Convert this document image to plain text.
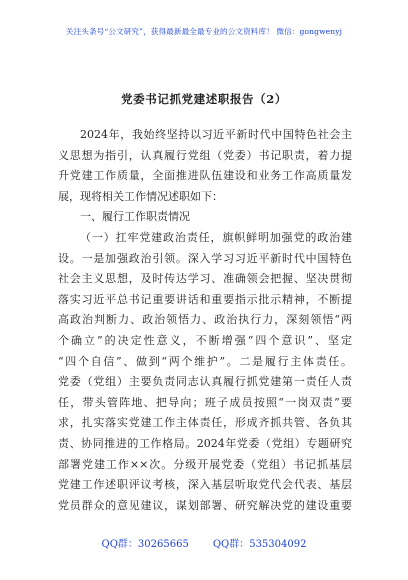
关注头条号“公文研究”，获得最新最全最专业的公文资料库！ 微信：gongwenyj
党委书记抓党建述职报告（2）
2024年，我始终坚持以习近平新时代中国特色社会主
义思想为指引，认真履行党组（党委）书记职责，着力提
升党建工作质量，全面推进队伍建设和业务工作高质量发
展，现将相关工作情况述职如下：
一、履行工作职责情况
（一）扛牢党建政治责任，旗帜鲜明加强党的政治建
设。一是加强政治引领。深入学习习近平新时代中国特色
社会主义思想，及时传达学习、准确领会把握、坚决贯彻
落实习近平总书记重要讲话和重要指示批示精神，不断提
高政治判断力、政治领悟力、政治执行力，深刻领悟“两
个确立”的决定性意义，不断增强“四个意识”、坚定
“四个自信”、做到“两个维护”。二是履行主体责任。
党委（党组）主要负责同志认真履行抓党建第一责任人责
任，带头管阵地、把导向；班子成员按照“一岗双责”要
求，扎实落实党建工作主体责任，形成齐抓共管、各负其
责、协同推进的工作格局。2024年党委（党组）专题研究
部署党建工作××次。分级开展党委（党组）书记抓基层
党建工作述职评议考核，深入基层听取党代会代表、基层
党员群众的意见建议，谋划部署、研究解决党的建设重要
QQ群：30265665 QQ群：535304092
